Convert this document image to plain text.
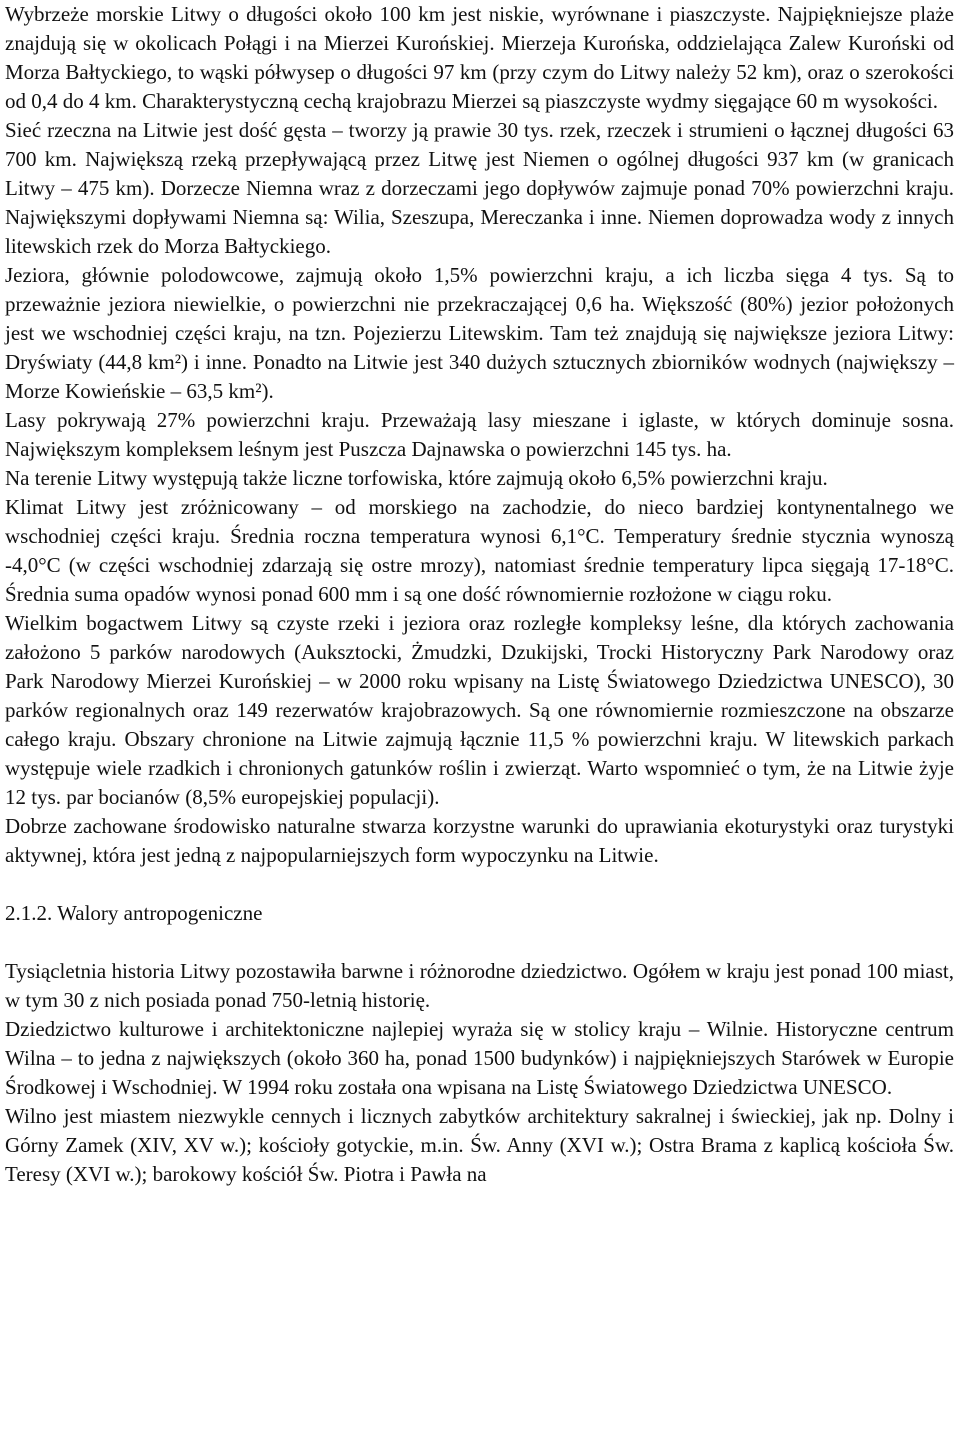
Wybrzeże morskie Litwy o długości około 100 km jest niskie, wyrównane i piaszczyste. Najpiękniejsze plaże znajdują się w okolicach Połągi i na Mierzei Kurońskiej. Mierzeja Kurońska, oddzielająca Zalew Kuroński od Morza Bałtyckiego, to wąski półwysep o długości 97 km (przy czym do Litwy należy 52 km), oraz o szerokości od 0,4 do 4 km. Charakterystyczną cechą krajobrazu Mierzei są piaszczyste wydmy sięgające 60 m wysokości.

Sieć rzeczna na Litwie jest dość gęsta – tworzy ją prawie 30 tys. rzek, rzeczek i strumieni o łącznej długości 63 700 km. Największą rzeką przepływającą przez Litwę jest Niemen o ogólnej długości 937 km (w granicach Litwy – 475 km). Dorzecze Niemna wraz z dorzeczami jego dopływów zajmuje ponad 70% powierzchni kraju. Największymi dopływami Niemna są: Wilia, Szeszupa, Mereczanka i inne. Niemen doprowadza wody z innych litewskich rzek do Morza Bałtyckiego.

Jeziora, głównie polodowcowe, zajmują około 1,5% powierzchni kraju, a ich liczba sięga 4 tys. Są to przeważnie jeziora niewielkie, o powierzchni nie przekraczającej 0,6 ha. Większość (80%) jezior położonych jest we wschodniej części kraju, na tzn. Pojezierzu Litewskim. Tam też znajdują się największe jeziora Litwy: Dryświaty (44,8 km²) i inne. Ponadto na Litwie jest 340 dużych sztucznych zbiorników wodnych (największy – Morze Kowieńskie – 63,5 km²).

Lasy pokrywają 27% powierzchni kraju. Przeważają lasy mieszane i iglaste, w których dominuje sosna. Największym kompleksem leśnym jest Puszcza Dajnawska o powierzchni 145 tys. ha.

Na terenie Litwy występują także liczne torfowiska, które zajmują około 6,5% powierzchni kraju.

Klimat Litwy jest zróżnicowany – od morskiego na zachodzie, do nieco bardziej kontynentalnego we wschodniej części kraju. Średnia roczna temperatura wynosi 6,1°C. Temperatury średnie stycznia wynoszą -4,0°C (w części wschodniej zdarzają się ostre mrozy), natomiast średnie temperatury lipca sięgają 17-18°C. Średnia suma opadów wynosi ponad 600 mm i są one dość równomiernie rozłożone w ciągu roku.

Wielkim bogactwem Litwy są czyste rzeki i jeziora oraz rozległe kompleksy leśne, dla których zachowania założono 5 parków narodowych (Auksztocki, Żmudzki, Dzukijski, Trocki Historyczny Park Narodowy oraz Park Narodowy Mierzei Kurońskiej – w 2000 roku wpisany na Listę Światowego Dziedzictwa UNESCO), 30 parków regionalnych oraz 149 rezerwatów krajobrazowych. Są one równomiernie rozmieszczone na obszarze całego kraju. Obszary chronione na Litwie zajmują łącznie 11,5 % powierzchni kraju. W litewskich parkach występuje wiele rzadkich i chronionych gatunków roślin i zwierząt. Warto wspomnieć o tym, że na Litwie żyje 12 tys. par bocianów (8,5% europejskiej populacji).

Dobrze zachowane środowisko naturalne stwarza korzystne warunki do uprawiania ekoturystyki oraz turystyki aktywnej, która jest jedną z najpopularniejszych form wypoczynku na Litwie.

2.1.2. Walory antropogeniczne

Tysiącletnia historia Litwy pozostawiła barwne i różnorodne dziedzictwo. Ogółem w kraju jest ponad 100 miast, w tym 30 z nich posiada ponad 750-letnią historię.

Dziedzictwo kulturowe i architektoniczne najlepiej wyraża się w stolicy kraju – Wilnie. Historyczne centrum Wilna – to jedna z największych (około 360 ha, ponad 1500 budynków) i najpiękniejszych Starówek w Europie Środkowej i Wschodniej. W 1994 roku została ona wpisana na Listę Światowego Dziedzictwa UNESCO.

Wilno jest miastem niezwykle cennych i licznych zabytków architektury sakralnej i świeckiej, jak np. Dolny i Górny Zamek (XIV, XV w.); kościoły gotyckie, m.in. Św. Anny (XVI w.); Ostra Brama z kaplicą kościoła Św. Teresy (XVI w.); barokowy kościół Św. Piotra i Pawła na
